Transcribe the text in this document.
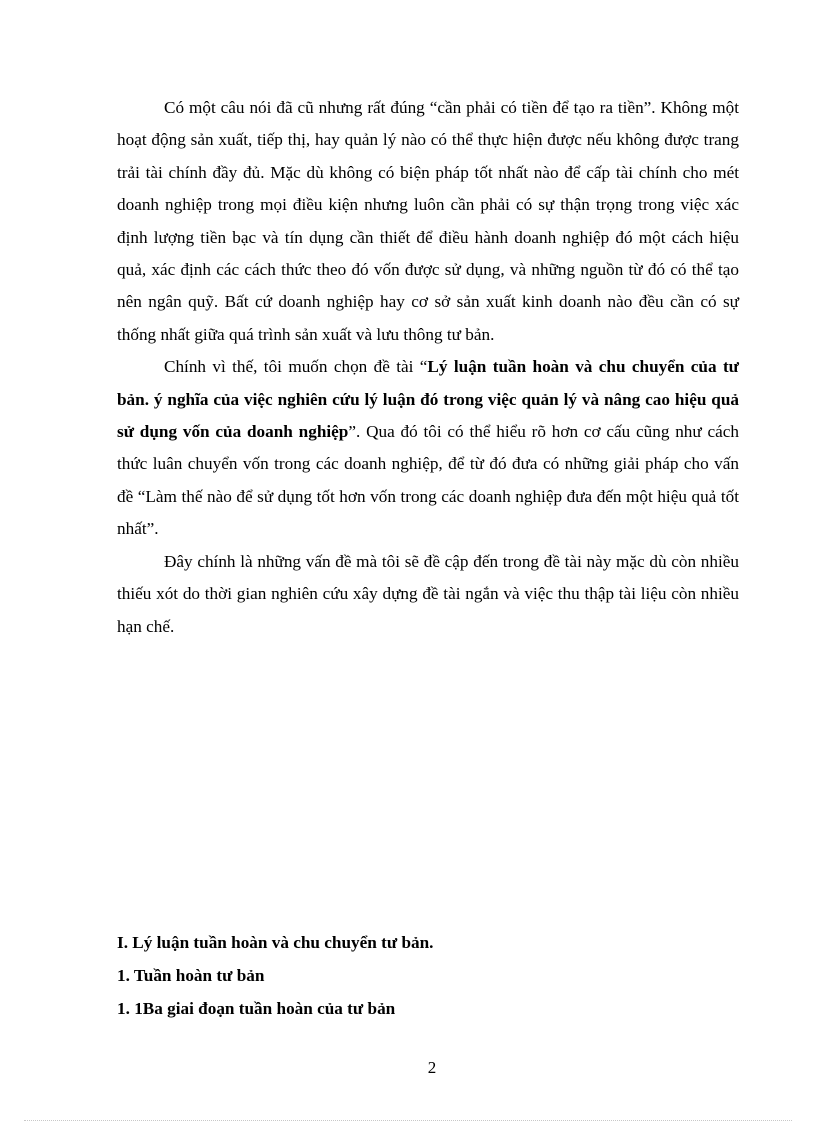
Có một câu nói đã cũ nhưng rất đúng “cần phải có tiền để tạo ra tiền”. Không một hoạt động sản xuất, tiếp thị, hay quản lý nào có thể thực hiện được nếu không được trang trải tài chính đầy đủ. Mặc dù không có biện pháp tốt nhất nào để cấp tài chính cho mét doanh nghiệp trong mọi điều kiện nhưng luôn cần phải có sự thận trọng trong việc xác định lượng tiền bạc và tín dụng cần thiết để điều hành doanh nghiệp đó một cách hiệu quả, xác định các cách thức theo đó vốn được sử dụng, và những nguồn từ đó có thể tạo nên ngân quỹ. Bất cứ doanh nghiệp hay cơ sở sản xuất kinh doanh nào đều cần có sự thống nhất giữa quá trình sản xuất và lưu thông tư bản.

Chính vì thế, tôi muốn chọn đề tài “Lý luận tuần hoàn và chu chuyển của tư bản. ý nghĩa của việc nghiên cứu lý luận đó trong việc quản lý và nâng cao hiệu quả sử dụng vốn của doanh nghiệp”. Qua đó tôi có thể hiểu rõ hơn cơ cấu cũng như cách thức luân chuyển vốn trong các doanh nghiệp, để từ đó đưa có những giải pháp cho vấn đề “Làm thế nào để sử dụng tốt hơn vốn trong các doanh nghiệp đưa đến một hiệu quả tốt nhất”.

Đây chính là những vấn đề mà tôi sẽ đề cập đến trong đề tài này mặc dù còn nhiều thiếu xót do thời gian nghiên cứu xây dựng đề tài ngắn và việc thu thập tài liệu còn nhiều hạn chế.

I. Lý luận tuần hoàn và chu chuyển tư bản.
1. Tuần hoàn tư bản
1. 1Ba giai đoạn tuần hoàn của tư bản
2
